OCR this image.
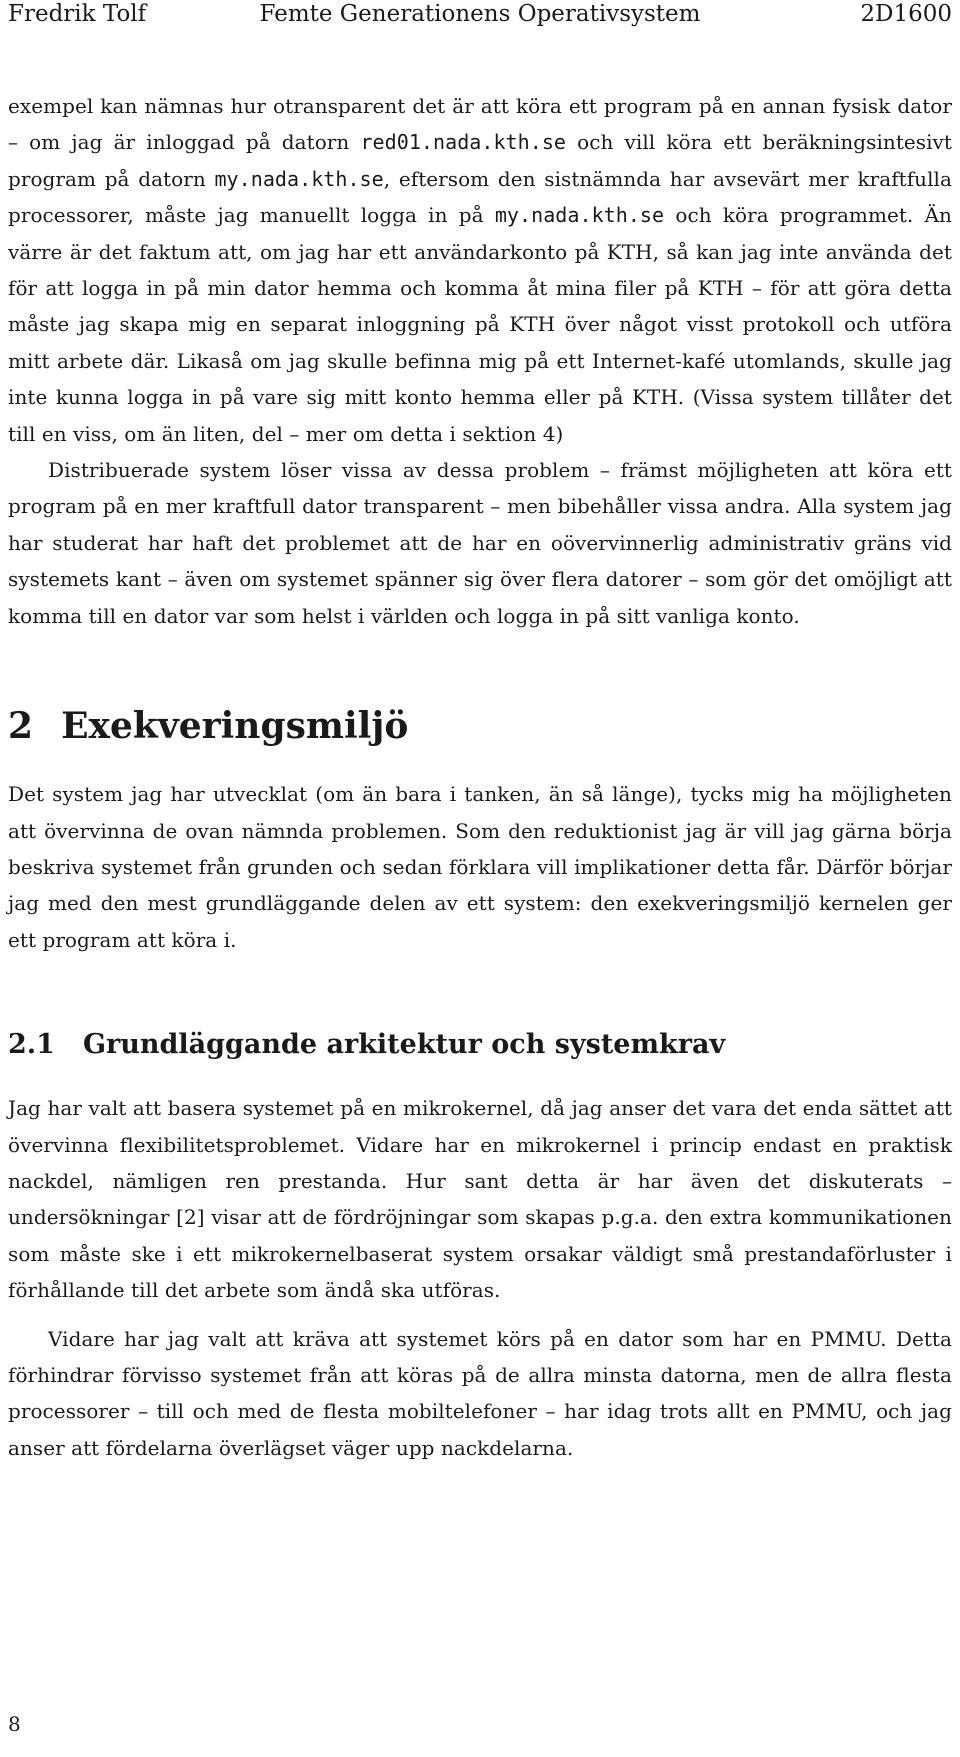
Fredrik Tolf	Femte Generationens Operativsystem	2D1600

exempel kan nämnas hur otransparent det är att köra ett program på en annan fysisk dator – om jag är inloggad på datorn red01.nada.kth.se och vill köra ett beräkningsintesivt program på datorn my.nada.kth.se, eftersom den sistnämnda har avsevärt mer kraftfulla processorer, måste jag manuellt logga in på my.nada.kth.se och köra programmet. Än värre är det faktum att, om jag har ett användarkonto på KTH, så kan jag inte använda det för att logga in på min dator hemma och komma åt mina filer på KTH – för att göra detta måste jag skapa mig en separat inloggning på KTH över något visst protokoll och utföra mitt arbete där. Likaså om jag skulle befinna mig på ett Internet-kafé utomlands, skulle jag inte kunna logga in på vare sig mitt konto hemma eller på KTH. (Vissa system tillåter det till en viss, om än liten, del – mer om detta i sektion 4)

Distribuerade system löser vissa av dessa problem – främst möjligheten att köra ett program på en mer kraftfull dator transparent – men bibehåller vissa andra. Alla system jag har studerat har haft det problemet att de har en oövervinnerlig administrativ gräns vid systemets kant – även om systemet spänner sig över flera datorer – som gör det omöjligt att komma till en dator var som helst i världen och logga in på sitt vanliga konto.

2 Exekveringsmiljö

Det system jag har utvecklat (om än bara i tanken, än så länge), tycks mig ha möjligheten att övervinna de ovan nämnda problemen. Som den reduktionist jag är vill jag gärna börja beskriva systemet från grunden och sedan förklara vill implikationer detta får. Därför börjar jag med den mest grundläggande delen av ett system: den exekveringsmiljö kernelen ger ett program att köra i.

2.1 Grundläggande arkitektur och systemkrav

Jag har valt att basera systemet på en mikrokernel, då jag anser det vara det enda sättet att övervinna flexibilitetsproblemet. Vidare har en mikrokernel i princip endast en praktisk nackdel, nämligen ren prestanda. Hur sant detta är har även det diskuterats – undersökningar [2] visar att de fördröjningar som skapas p.g.a. den extra kommunikationen som måste ske i ett mikrokernelbaserat system orsakar väldigt små prestandaförluster i förhållande till det arbete som ändå ska utföras.

Vidare har jag valt att kräva att systemet körs på en dator som har en PMMU. Detta förhindrar förvisso systemet från att köras på de allra minsta datorna, men de allra flesta processorer – till och med de flesta mobiltelefoner – har idag trots allt en PMMU, och jag anser att fördelarna överlägset väger upp nackdelarna.

8
